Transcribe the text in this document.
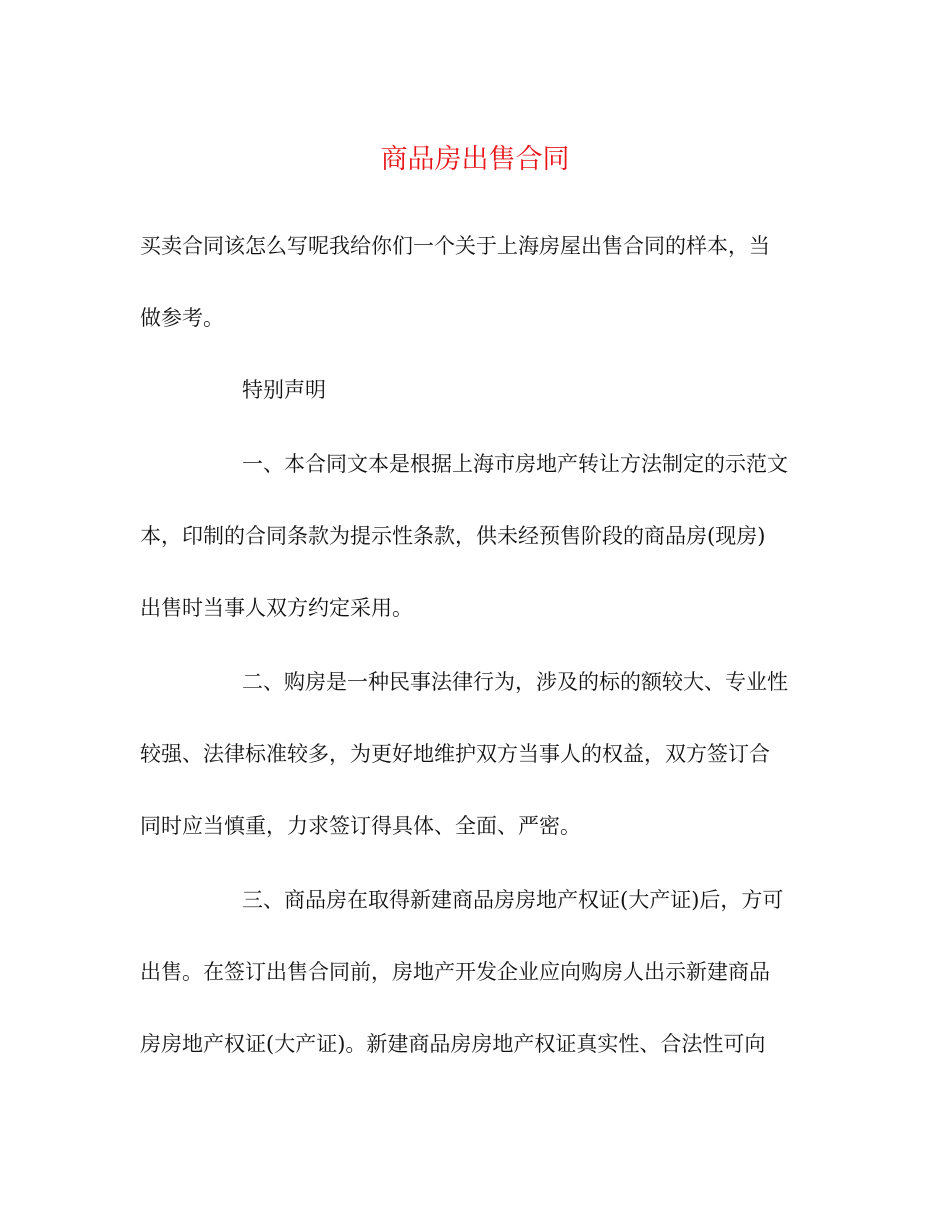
商品房出售合同

买卖合同该怎么写呢我给你们一个关于上海房屋出售合同的样本，当

做参考。

特别声明

一、本合同文本是根据上海市房地产转让方法制定的示范文

本，印制的合同条款为提示性条款，供未经预售阶段的商品房(现房)

出售时当事人双方约定采用。

二、购房是一种民事法律行为，涉及的标的额较大、专业性

较强、法律标准较多，为更好地维护双方当事人的权益，双方签订合

同时应当慎重，力求签订得具体、全面、严密。

三、商品房在取得新建商品房房地产权证(大产证)后，方可

出售。在签订出售合同前，房地产开发企业应向购房人出示新建商品

房房地产权证(大产证)。新建商品房房地产权证真实性、合法性可向
